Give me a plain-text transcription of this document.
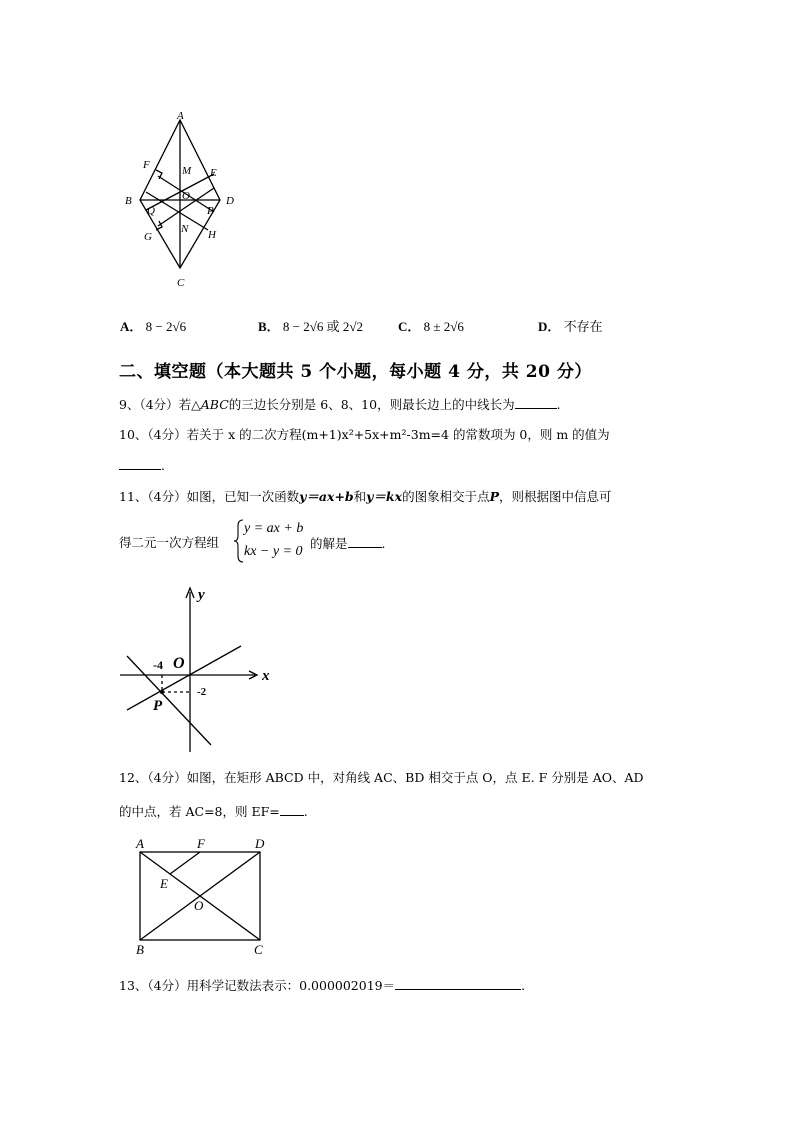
A
B
C
D
E
F
G	H
M
N
O
P
Q
A． 8 − 2√6	B． 8 − 2√6 或 2√2	C． 8 ± 2√6	D． 不存在
二、填空题（本大题共 5 个小题，每小题 4 分，共 20 分）
9、（4分）若△ABC的三边长分别是 6、8、10，则最长边上的中线长为	.
10、（4分）若关于 x 的二次方程(m+1)x²+5x+m²-3m=4 的常数项为 0，则 m 的值为
.
11、（4分）如图，已知一次函数y＝ax+b和y＝kx的图象相交于点P，则根据图中信息可
得二元一次方程组
y = ax + b
kx − y = 0
的解是	.
y
x
O
-4
-2
P
12、（4分）如图，在矩形 ABCD 中，对角线 AC、BD 相交于点 O，点 E. F 分别是 AO、AD
的中点，若 AC=8，则 EF= .
A
B	C
D
E
F
O
13、（4分）用科学记数法表示：0.000002019＝	.
